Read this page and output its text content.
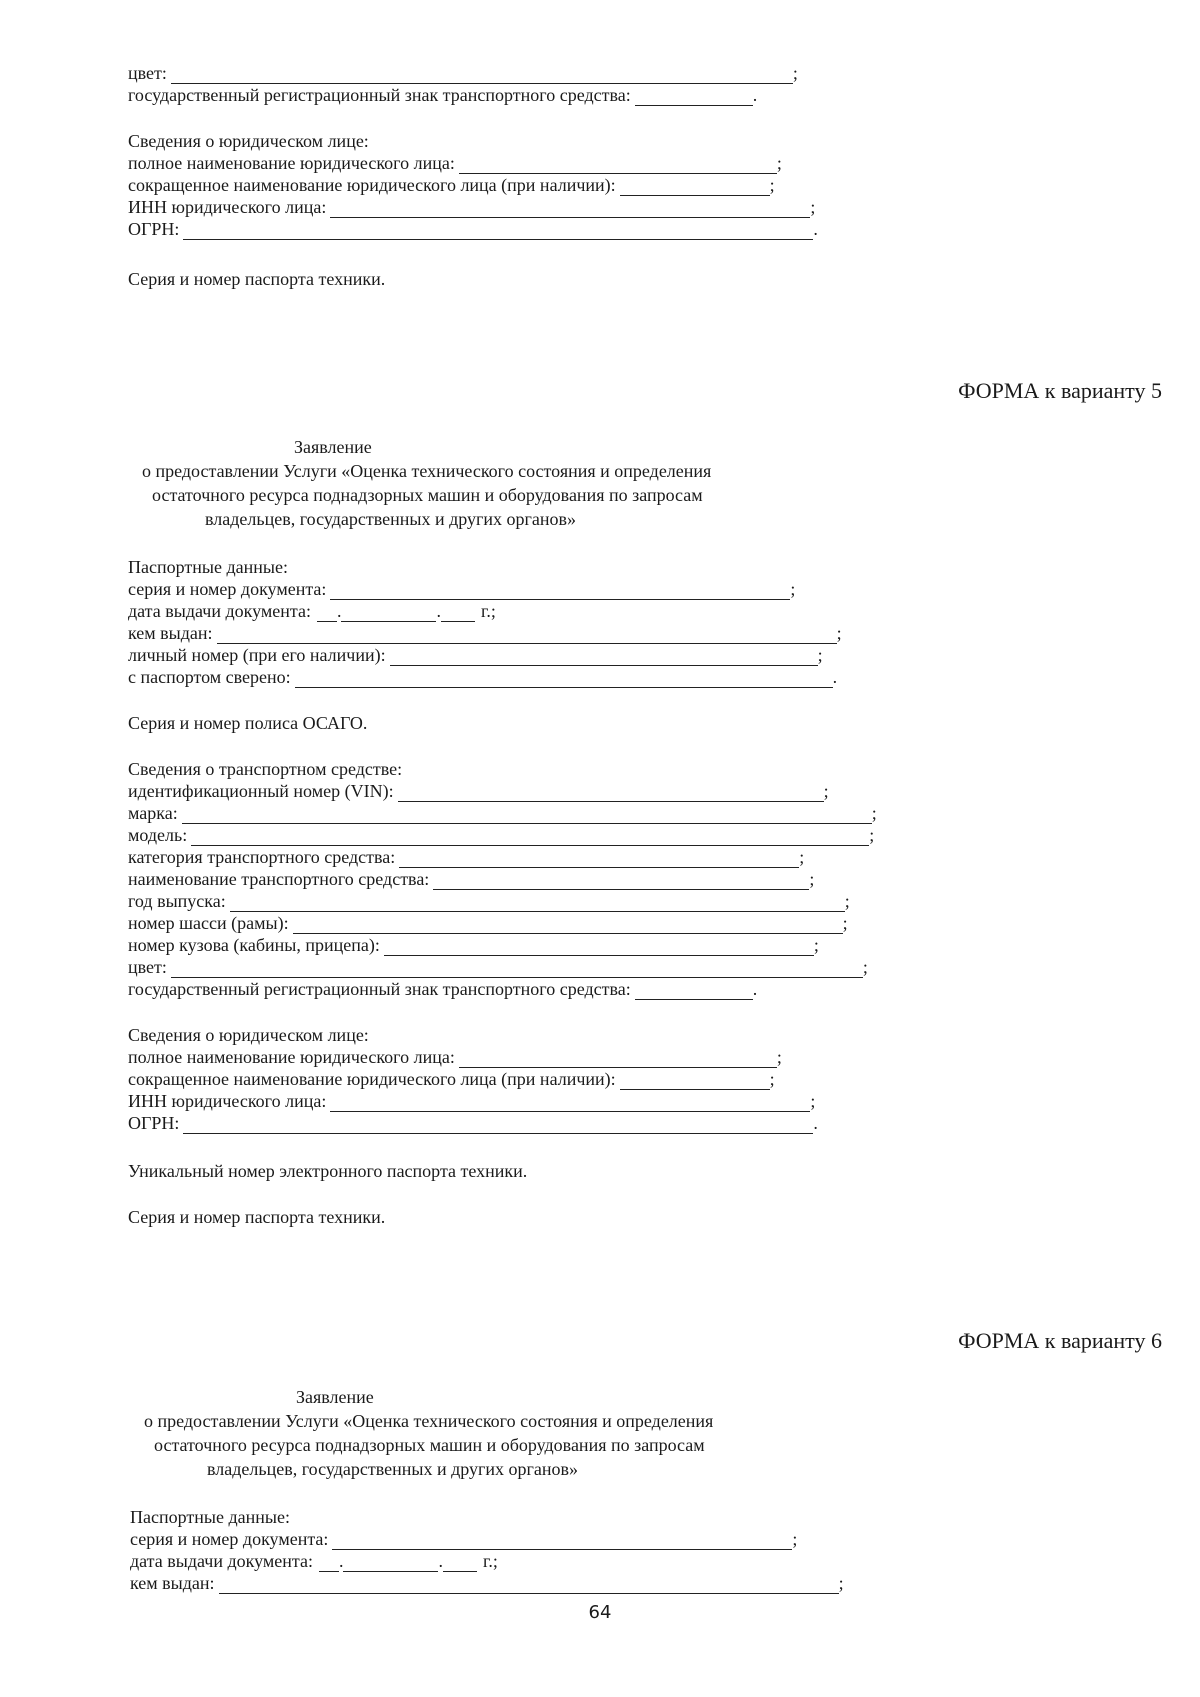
цвет:	;
государственный регистрационный знак транспортного средства:	.
Сведения о юридическом лице:
полное наименование юридического лица:	;
сокращенное наименование юридического лица (при наличии):	;
ИНН юридического лица:	;
ОГРН:	.
Серия и номер паспорта техники.
ФОРМА к варианту 5
Заявление
о предоставлении Услуги «Оценка технического состояния и определения
остаточного ресурса поднадзорных машин и оборудования по запросам
владельцев, государственных и других органов»
Паспортные данные:
серия и номер документа:	;
дата выдачи документа: .	. г.;
кем выдан:	;
личный номер (при его наличии):	;
с паспортом сверено:	.
Серия и номер полиса ОСАГО.
Сведения о транспортном средстве:
идентификационный номер (VIN):	;
марка:	;
модель:	;
категория транспортного средства:	;
наименование транспортного средства:	;
год выпуска:	;
номер шасси (рамы):	;
номер кузова (кабины, прицепа):	;
цвет:	;
государственный регистрационный знак транспортного средства:	.
Сведения о юридическом лице:
полное наименование юридического лица:	;
сокращенное наименование юридического лица (при наличии):	;
ИНН юридического лица:	;
ОГРН:	.
Уникальный номер электронного паспорта техники.
Серия и номер паспорта техники.
ФОРМА к варианту 6
Заявление
о предоставлении Услуги «Оценка технического состояния и определения
остаточного ресурса поднадзорных машин и оборудования по запросам
владельцев, государственных и других органов»
Паспортные данные:
серия и номер документа:	;
дата выдачи документа: .	. г.;
кем выдан:	;
64
